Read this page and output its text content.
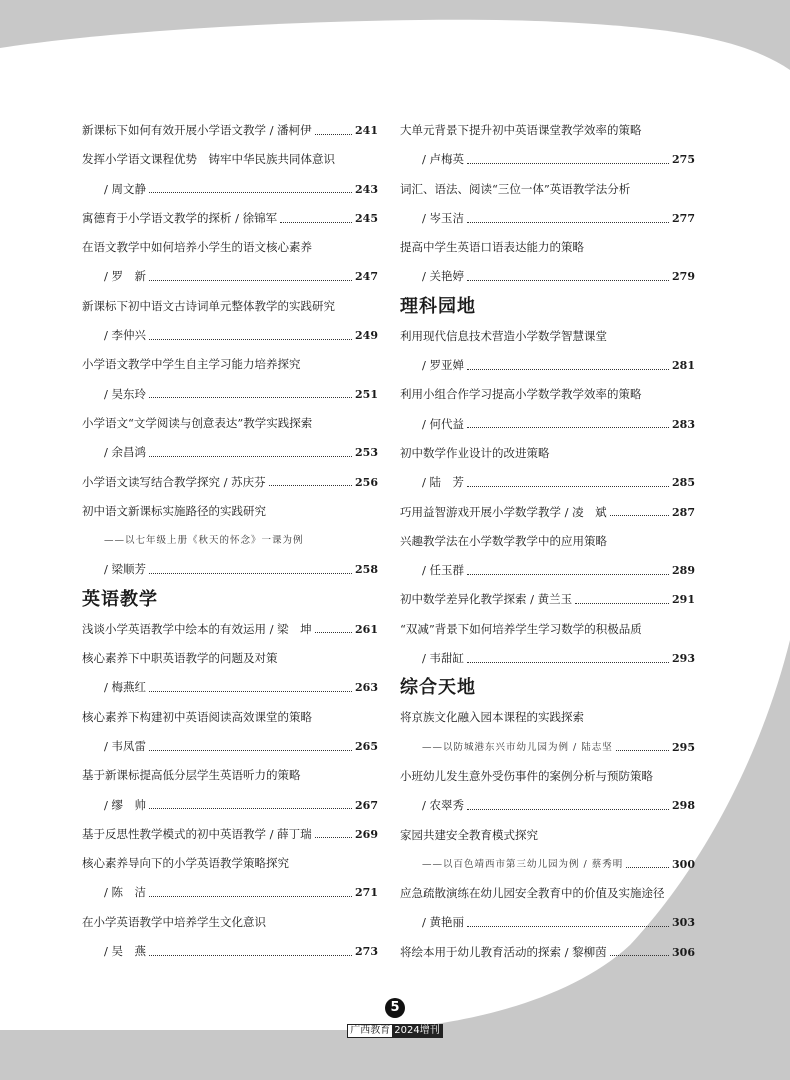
新课标下如何有效开展小学语文教学 / 潘柯伊	241
发挥小学语文课程优势　铸牢中华民族共同体意识
/ 周文静	243
寓德育于小学语文教学的探析 / 徐锦军	245
在语文教学中如何培养小学生的语文核心素养
/ 罗　新	247
新课标下初中语文古诗词单元整体教学的实践研究
/ 李仲兴	249
小学语文教学中学生自主学习能力培养探究
/ 吴东玲	251
小学语文“文学阅读与创意表达”教学实践探索
/ 余昌鸿	253
小学语文读写结合教学探究 / 苏庆芬	256
初中语文新课标实施路径的实践研究
——以七年级上册《秋天的怀念》一课为例
/ 梁顺芳	258
英语教学
浅谈小学英语教学中绘本的有效运用 / 梁　坤	261
核心素养下中职英语教学的问题及对策
/ 梅燕红	263
核心素养下构建初中英语阅读高效课堂的策略
/ 韦凤雷	265
基于新课标提高低分层学生英语听力的策略
/ 缪　帅	267
基于反思性教学模式的初中英语教学 / 薛丁瑞	269
核心素养导向下的小学英语教学策略探究
/ 陈　洁	271
在小学英语教学中培养学生文化意识
/ 吴　燕	273
大单元背景下提升初中英语课堂教学效率的策略
/ 卢梅英	275
词汇、语法、阅读“三位一体”英语教学法分析
/ 岑玉洁	277
提高中学生英语口语表达能力的策略
/ 关艳婷	279
理科园地
利用现代信息技术营造小学数学智慧课堂
/ 罗亚婵	281
利用小组合作学习提高小学数学教学效率的策略
/ 何代益	283
初中数学作业设计的改进策略
/ 陆　芳	285
巧用益智游戏开展小学数学教学 / 凌　斌	287
兴趣教学法在小学数学教学中的应用策略
/ 任玉群	289
初中数学差异化教学探索 / 黄兰玉	291
“双减”背景下如何培养学生学习数学的积极品质
/ 韦甜缸	293
综合天地
将京族文化融入园本课程的实践探索
——以防城港东兴市幼儿园为例 / 陆志坚	295
小班幼儿发生意外受伤事件的案例分析与预防策略
/ 农翠秀	298
家园共建安全教育模式探究
——以百色靖西市第三幼儿园为例 / 蔡秀明	300
应急疏散演练在幼儿园安全教育中的价值及实施途径
/ 黄艳丽	303
将绘本用于幼儿教育活动的探索 / 黎柳茵	306
5
广西教育 2024增刊
